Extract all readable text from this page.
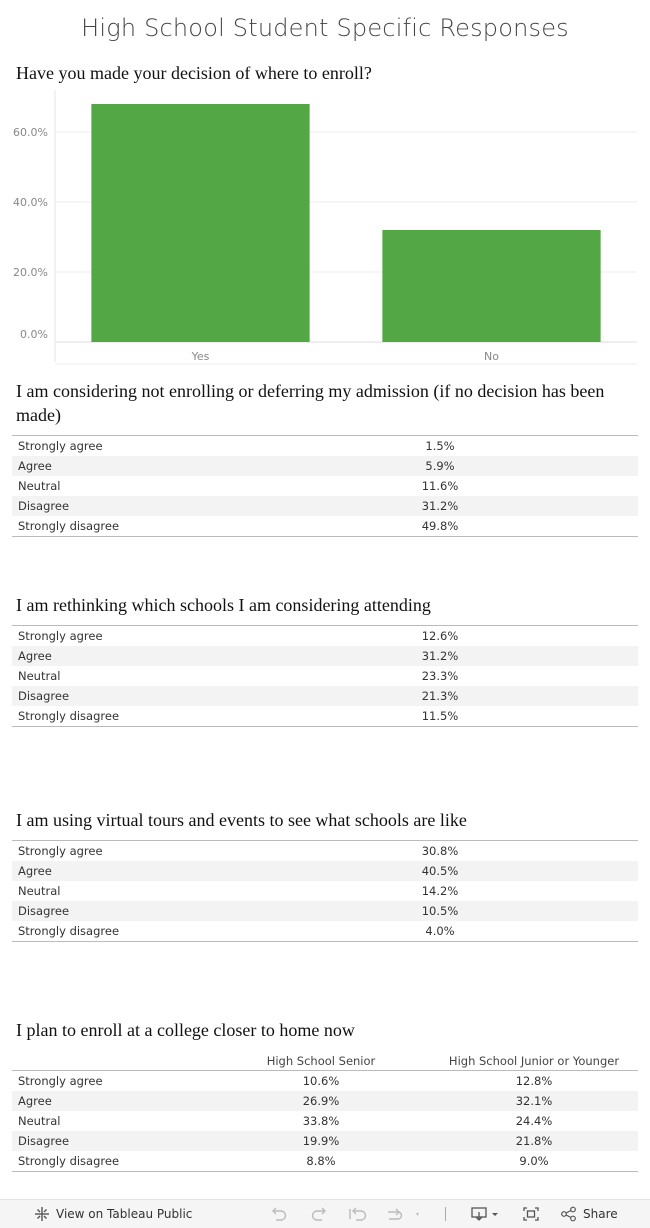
High School Student Specific Responses
Have you made your decision of where to enroll?
0.0%
20.0%
40.0%
60.0%
Yes	No
I am considering not enrolling or deferring my admission (if no decision has been made)
Strongly agree	1.5%
Agree	5.9%
Neutral	11.6%
Disagree	31.2%
Strongly disagree	49.8%
I am rethinking which schools I am considering attending
Strongly agree	12.6%
Agree	31.2%
Neutral	23.3%
Disagree	21.3%
Strongly disagree	11.5%
I am using virtual tours and events to see what schools are like
Strongly agree	30.8%
Agree	40.5%
Neutral	14.2%
Disagree	10.5%
Strongly disagree	4.0%
I plan to enroll at a college closer to home now
	High School Senior	High School Junior or Younger
Strongly agree	10.6%	12.8%
Agree	26.9%	32.1%
Neutral	33.8%	24.4%
Disagree	19.9%	21.8%
Strongly disagree	8.8%	9.0%
View on Tableau Public	Share
